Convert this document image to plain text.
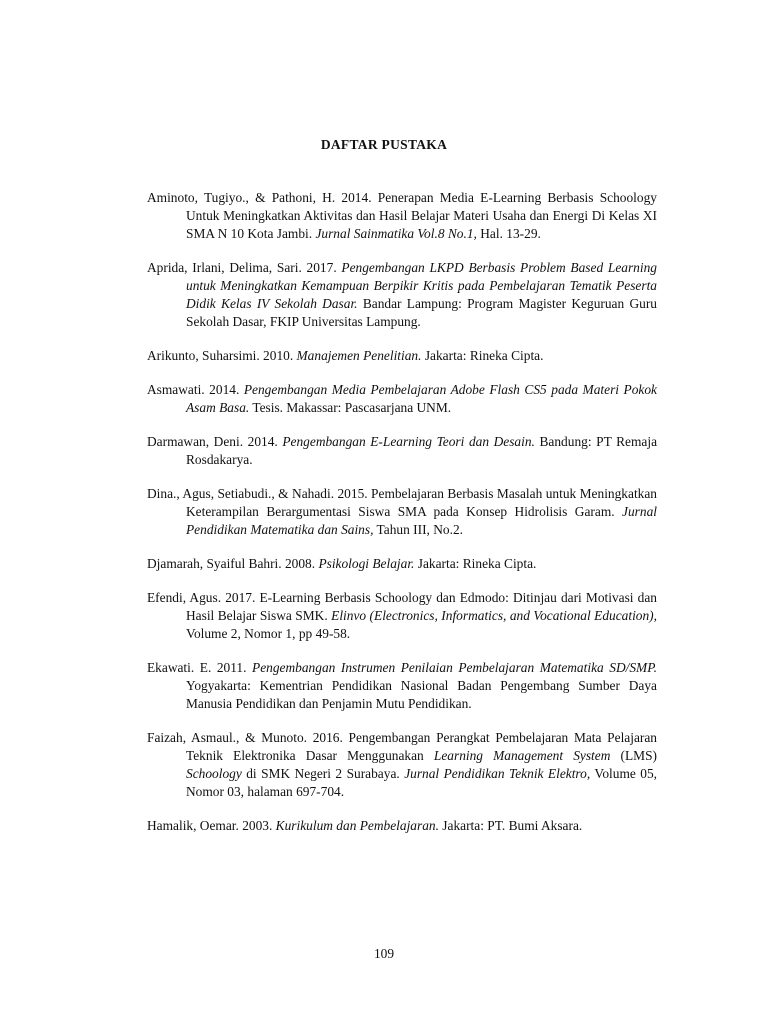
DAFTAR PUSTAKA

Aminoto, Tugiyo., & Pathoni, H. 2014. Penerapan Media E-Learning Berbasis Schoology Untuk Meningkatkan Aktivitas dan Hasil Belajar Materi Usaha dan Energi Di Kelas XI SMA N 10 Kota Jambi. Jurnal Sainmatika Vol.8 No.1, Hal. 13-29.

Aprida, Irlani, Delima, Sari. 2017. Pengembangan LKPD Berbasis Problem Based Learning untuk Meningkatkan Kemampuan Berpikir Kritis pada Pembelajaran Tematik Peserta Didik Kelas IV Sekolah Dasar. Bandar Lampung: Program Magister Keguruan Guru Sekolah Dasar, FKIP Universitas Lampung.

Arikunto, Suharsimi. 2010. Manajemen Penelitian. Jakarta: Rineka Cipta.

Asmawati. 2014. Pengembangan Media Pembelajaran Adobe Flash CS5 pada Materi Pokok Asam Basa. Tesis. Makassar: Pascasarjana UNM.

Darmawan, Deni. 2014. Pengembangan E-Learning Teori dan Desain. Bandung: PT Remaja Rosdakarya.

Dina., Agus, Setiabudi., & Nahadi. 2015. Pembelajaran Berbasis Masalah untuk Meningkatkan Keterampilan Berargumentasi Siswa SMA pada Konsep Hidrolisis Garam. Jurnal Pendidikan Matematika dan Sains, Tahun III, No.2.

Djamarah, Syaiful Bahri. 2008. Psikologi Belajar. Jakarta: Rineka Cipta.

Efendi, Agus. 2017. E-Learning Berbasis Schoology dan Edmodo: Ditinjau dari Motivasi dan Hasil Belajar Siswa SMK. Elinvo (Electronics, Informatics, and Vocational Education), Volume 2, Nomor 1, pp 49-58.

Ekawati. E. 2011. Pengembangan Instrumen Penilaian Pembelajaran Matematika SD/SMP. Yogyakarta: Kementrian Pendidikan Nasional Badan Pengembang Sumber Daya Manusia Pendidikan dan Penjamin Mutu Pendidikan.

Faizah, Asmaul., & Munoto. 2016. Pengembangan Perangkat Pembelajaran Mata Pelajaran Teknik Elektronika Dasar Menggunakan Learning Management System (LMS) Schoology di SMK Negeri 2 Surabaya. Jurnal Pendidikan Teknik Elektro, Volume 05, Nomor 03, halaman 697-704.

Hamalik, Oemar. 2003. Kurikulum dan Pembelajaran. Jakarta: PT. Bumi Aksara.

109
